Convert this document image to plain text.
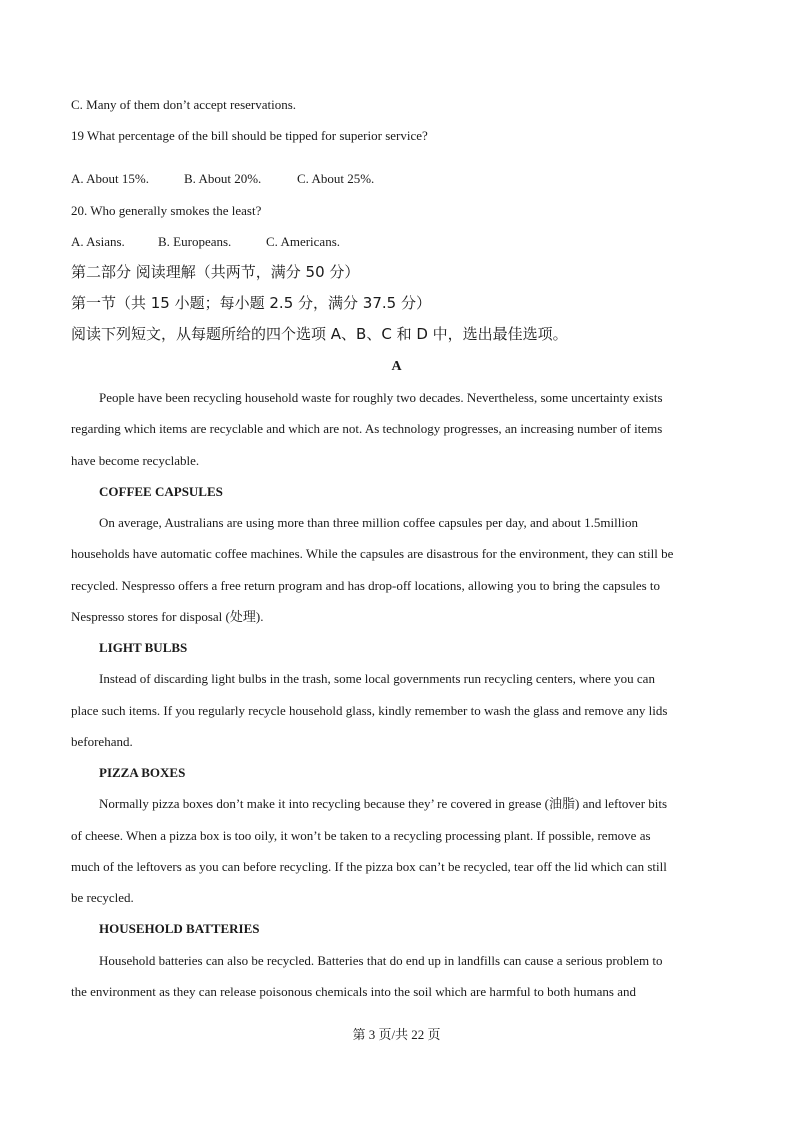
C. Many of them don’t accept reservations.
19 What percentage of the bill should be tipped for superior service?
A. About 15%.	B. About 20%.	C. About 25%.
20. Who generally smokes the least?
A. Asians.	B. Europeans.	C. Americans.
第二部分 阅读理解（共两节，满分 50 分）
第一节（共 15 小题；每小题 2.5 分，满分 37.5 分）
阅读下列短文，从每题所给的四个选项 A、B、C 和 D 中，选出最佳选项。
A
People have been recycling household waste for roughly two decades. Nevertheless, some uncertainty exists
regarding which items are recyclable and which are not. As technology progresses, an increasing number of items
have become recyclable.
COFFEE CAPSULES
On average, Australians are using more than three million coffee capsules per day, and about 1.5million
households have automatic coffee machines. While the capsules are disastrous for the environment, they can still be
recycled. Nespresso offers a free return program and has drop-off locations, allowing you to bring the capsules to
Nespresso stores for disposal (处理).
LIGHT BULBS
Instead of discarding light bulbs in the trash, some local governments run recycling centers, where you can
place such items. If you regularly recycle household glass, kindly remember to wash the glass and remove any lids
beforehand.
PIZZA BOXES
Normally pizza boxes don’t make it into recycling because they’ re covered in grease (油脂) and leftover bits
of cheese. When a pizza box is too oily, it won’t be taken to a recycling processing plant. If possible, remove as
much of the leftovers as you can before recycling. If the pizza box can’t be recycled, tear off the lid which can still
be recycled.
HOUSEHOLD BATTERIES
Household batteries can also be recycled. Batteries that do end up in landfills can cause a serious problem to
the environment as they can release poisonous chemicals into the soil which are harmful to both humans and
第 3 页/共 22 页
